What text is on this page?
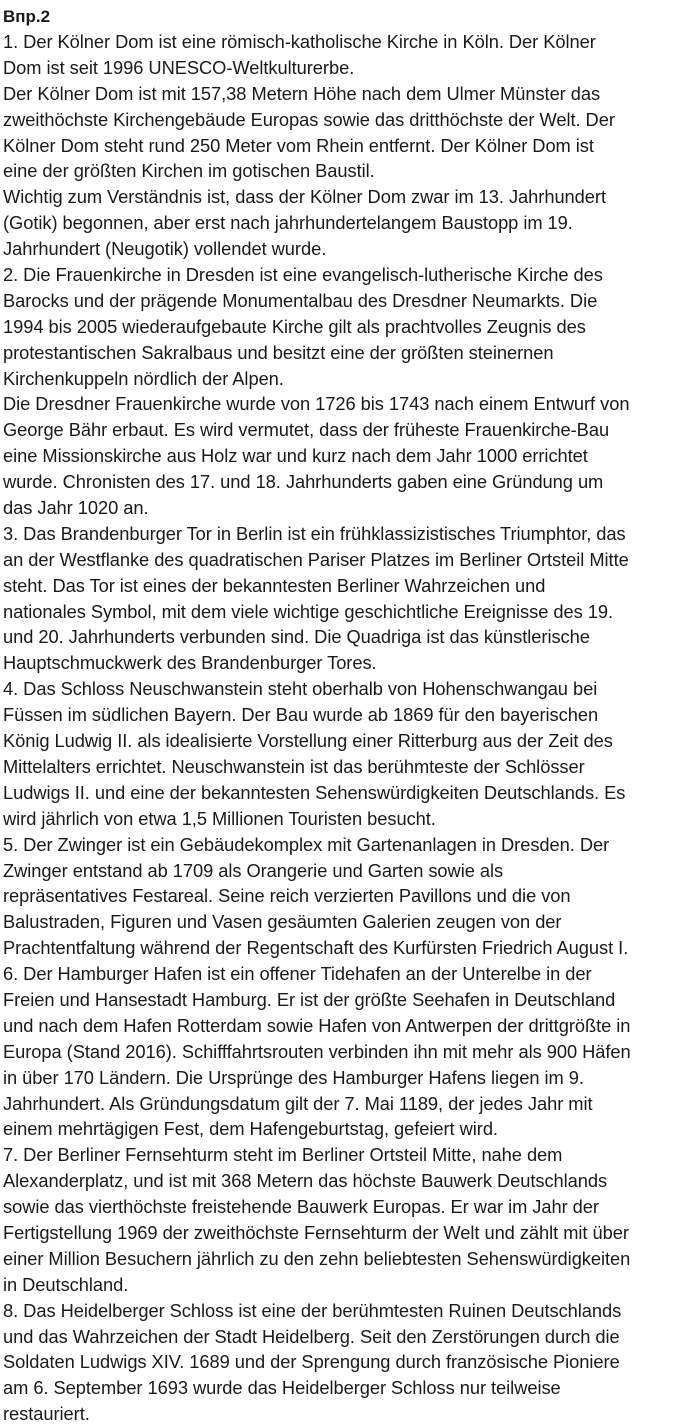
Впр.2
1. Der Kölner Dom ist eine römisch-katholische Kirche in Köln. Der Kölner
Dom ist seit 1996 UNESCO-Weltkulturerbe.
Der Kölner Dom ist mit 157,38 Metern Höhe nach dem Ulmer Münster das
zweithöchste Kirchengebäude Europas sowie das dritthöchste der Welt. Der
Kölner Dom steht rund 250 Meter vom Rhein entfernt. Der Kölner Dom ist
eine der größten Kirchen im gotischen Baustil.
Wichtig zum Verständnis ist, dass der Kölner Dom zwar im 13. Jahrhundert
(Gotik) begonnen, aber erst nach jahrhundertelangem Baustopp im 19.
Jahrhundert (Neugotik) vollendet wurde.
2. Die Frauenkirche in Dresden ist eine evangelisch-lutherische Kirche des
Barocks und der prägende Monumentalbau des Dresdner Neumarkts. Die
1994 bis 2005 wiederaufgebaute Kirche gilt als prachtvolles Zeugnis des
protestantischen Sakralbaus und besitzt eine der größten steinernen
Kirchenkuppeln nördlich der Alpen.
Die Dresdner Frauenkirche wurde von 1726 bis 1743 nach einem Entwurf von
George Bähr erbaut. Es wird vermutet, dass der früheste Frauenkirche-Bau
eine Missionskirche aus Holz war und kurz nach dem Jahr 1000 errichtet
wurde. Chronisten des 17. und 18. Jahrhunderts gaben eine Gründung um
das Jahr 1020 an.
3. Das Brandenburger Tor in Berlin ist ein frühklassizistisches Triumphtor, das
an der Westflanke des quadratischen Pariser Platzes im Berliner Ortsteil Mitte
steht. Das Tor ist eines der bekanntesten Berliner Wahrzeichen und
nationales Symbol, mit dem viele wichtige geschichtliche Ereignisse des 19.
und 20. Jahrhunderts verbunden sind. Die Quadriga ist das künstlerische
Hauptschmuckwerk des Brandenburger Tores.
4. Das Schloss Neuschwanstein steht oberhalb von Hohenschwangau bei
Füssen im südlichen Bayern. Der Bau wurde ab 1869 für den bayerischen
König Ludwig II. als idealisierte Vorstellung einer Ritterburg aus der Zeit des
Mittelalters errichtet. Neuschwanstein ist das berühmteste der Schlösser
Ludwigs II. und eine der bekanntesten Sehenswürdigkeiten Deutschlands. Es
wird jährlich von etwa 1,5 Millionen Touristen besucht.
5. Der Zwinger ist ein Gebäudekomplex mit Gartenanlagen in Dresden. Der
Zwinger entstand ab 1709 als Orangerie und Garten sowie als
repräsentatives Festareal. Seine reich verzierten Pavillons und die von
Balustraden, Figuren und Vasen gesäumten Galerien zeugen von der
Prachtentfaltung während der Regentschaft des Kurfürsten Friedrich August I.
6. Der Hamburger Hafen ist ein offener Tidehafen an der Unterelbe in der
Freien und Hansestadt Hamburg. Er ist der größte Seehafen in Deutschland
und nach dem Hafen Rotterdam sowie Hafen von Antwerpen der drittgrößte in
Europa (Stand 2016). Schifffahrtsrouten verbinden ihn mit mehr als 900 Häfen
in über 170 Ländern. Die Ursprünge des Hamburger Hafens liegen im 9.
Jahrhundert. Als Gründungsdatum gilt der 7. Mai 1189, der jedes Jahr mit
einem mehrtägigen Fest, dem Hafengeburtstag, gefeiert wird.
7. Der Berliner Fernsehturm steht im Berliner Ortsteil Mitte, nahe dem
Alexanderplatz, und ist mit 368 Metern das höchste Bauwerk Deutschlands
sowie das vierthöchste freistehende Bauwerk Europas. Er war im Jahr der
Fertigstellung 1969 der zweithöchste Fernsehturm der Welt und zählt mit über
einer Million Besuchern jährlich zu den zehn beliebtesten Sehenswürdigkeiten
in Deutschland.
8. Das Heidelberger Schloss ist eine der berühmtesten Ruinen Deutschlands
und das Wahrzeichen der Stadt Heidelberg. Seit den Zerstörungen durch die
Soldaten Ludwigs XIV. 1689 und der Sprengung durch französische Pioniere
am 6. September 1693 wurde das Heidelberger Schloss nur teilweise
restauriert.
